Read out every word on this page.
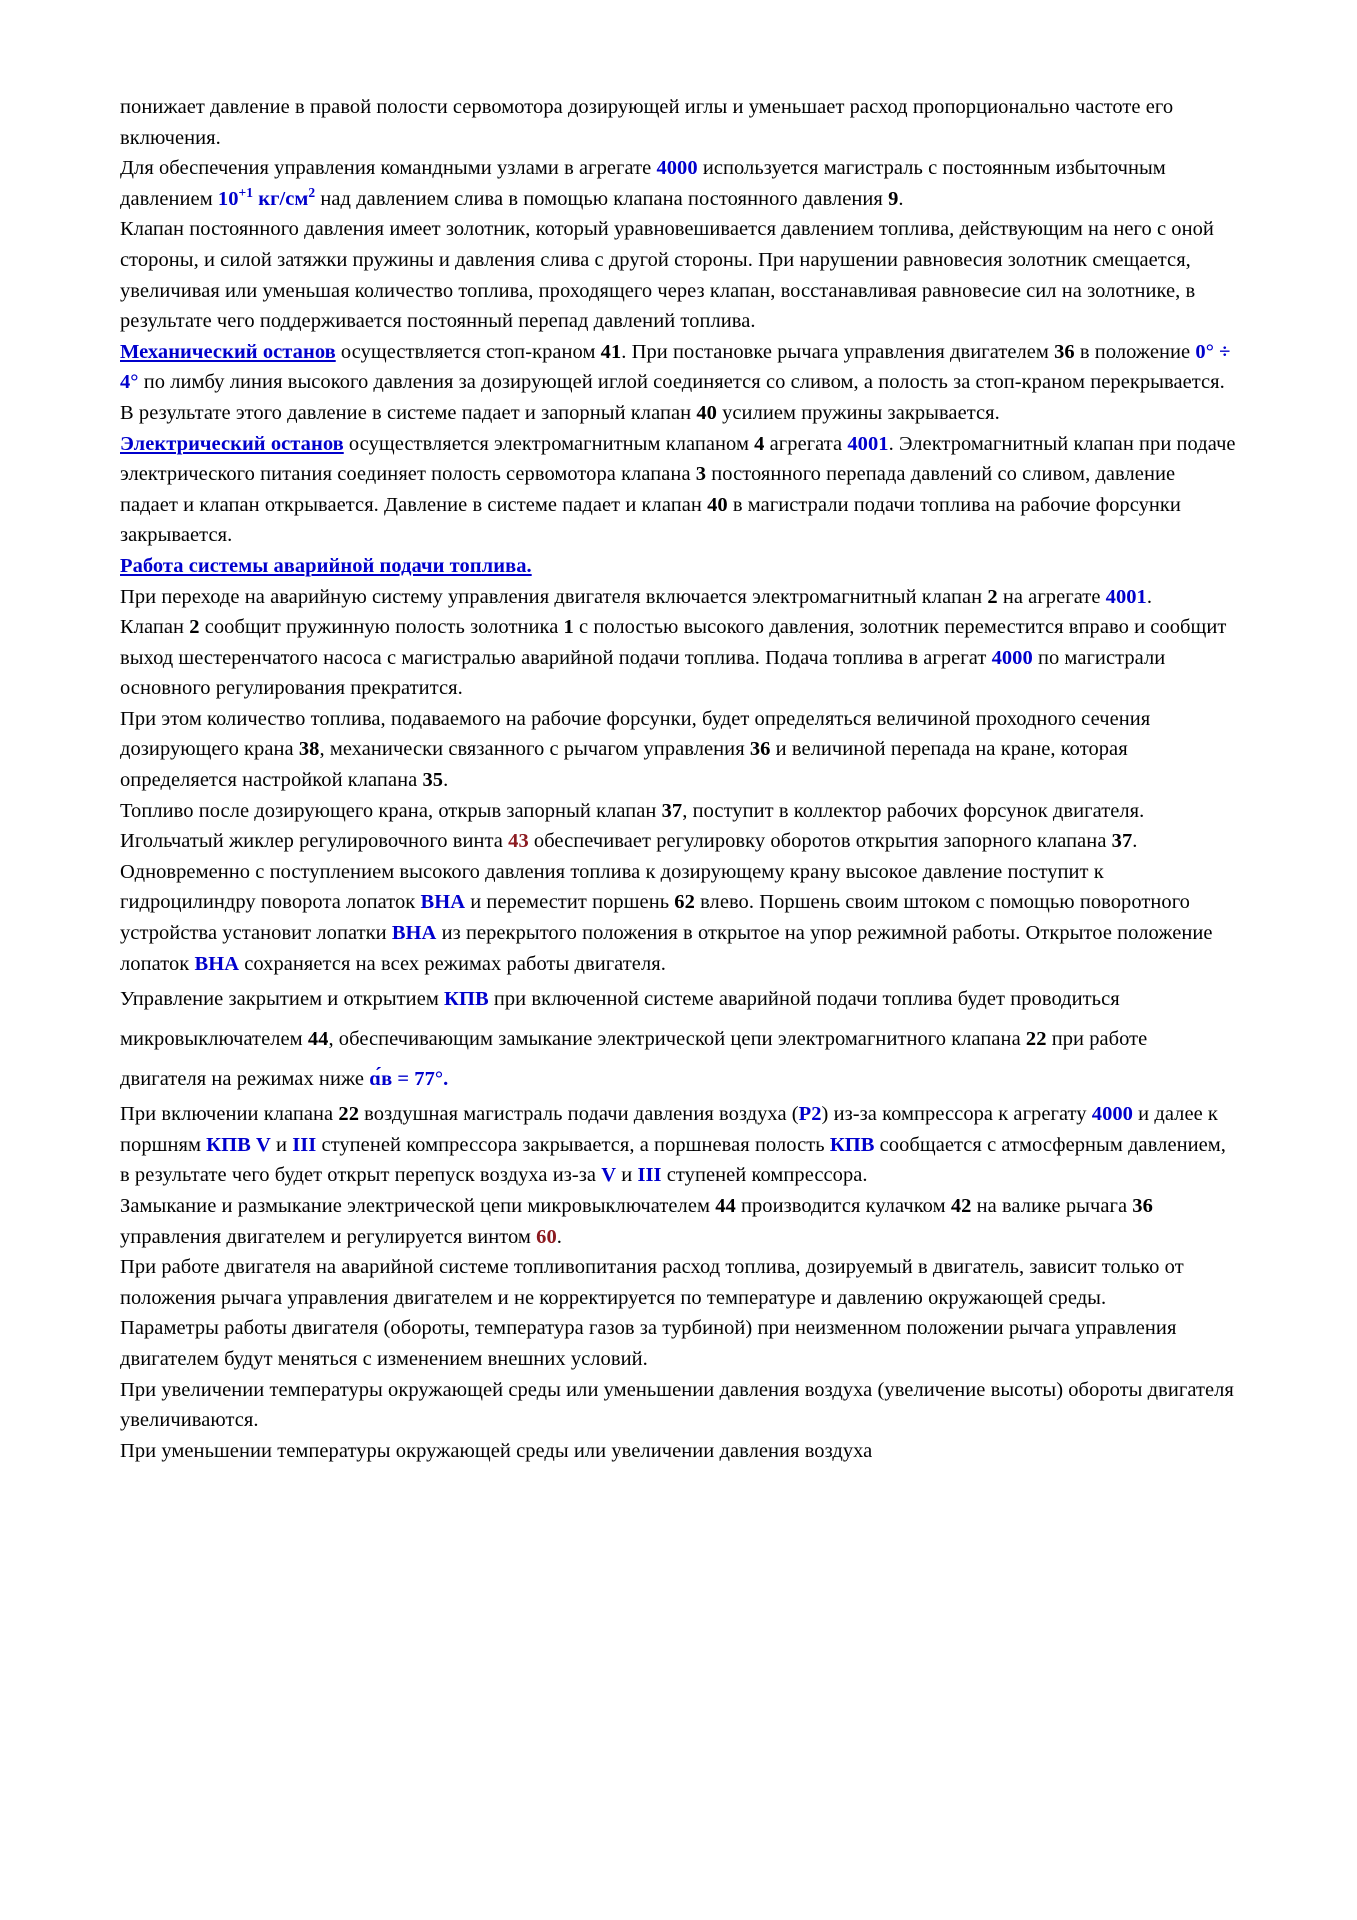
понижает давление в правой полости сервомотора дозирующей иглы и уменьшает расход пропорционально частоте его включения.

Для обеспечения управления командными узлами в агрегате 4000 используется магистраль с постоянным избыточным давлением $10^{+1}$ $кг/см^2$ над давлением слива в помощью клапана постоянного давления 9.

Клапан постоянного давления имеет золотник, который уравновешивается давлением топлива, действующим на него с оной стороны, и силой затяжки пружины и давления слива с другой стороны. При нарушении равновесия золотник смещается, увеличивая или уменьшая количество топлива, проходящего через клапан, восстанавливая равновесие сил на золотнике, в результате чего поддерживается постоянный перепад давлений топлива.

Механический останов осуществляется стоп-краном 41. При постановке рычага управления двигателем 36 в положение 0° ÷ 4° по лимбу линия высокого давления за дозирующей иглой соединяется со сливом, а полость за стоп-краном перекрывается. В результате этого давление в системе падает и запорный клапан 40 усилием пружины закрывается.

Электрический останов осуществляется электромагнитным клапаном 4 агрегата 4001. Электромагнитный клапан при подаче электрического питания соединяет полость сервомотора клапана 3 постоянного перепада давлений со сливом, давление падает и клапан открывается. Давление в системе падает и клапан 40 в магистрали подачи топлива на рабочие форсунки закрывается.

Работа системы аварийной подачи топлива.

При переходе на аварийную систему управления двигателя включается электромагнитный клапан 2 на агрегате 4001.

Клапан 2 сообщит пружинную полость золотника 1 с полостью высокого давления, золотник переместится вправо и сообщит выход шестеренчатого насоса с магистралью аварийной подачи топлива. Подача топлива в агрегат 4000 по магистрали основного регулирования прекратится.

При этом количество топлива, подаваемого на рабочие форсунки, будет определяться величиной проходного сечения дозирующего крана 38, механически связанного с рычагом управления 36 и величиной перепада на кране, которая определяется настройкой клапана 35.

Топливо после дозирующего крана, открыв запорный клапан 37, поступит в коллектор рабочих форсунок двигателя. Игольчатый жиклер регулировочного винта 43 обеспечивает регулировку оборотов открытия запорного клапана 37.

Одновременно с поступлением высокого давления топлива к дозирующему крану высокое давление поступит к гидроцилиндру поворота лопаток ВНА и переместит поршень 62 влево. Поршень своим штоком с помощью поворотного устройства установит лопатки ВНА из перекрытого положения в открытое на упор режимной работы. Открытое положение лопаток ВНА сохраняется на всех режимах работы двигателя.

Управление закрытием и открытием КПВ при включенной системе аварийной подачи топлива будет проводиться микровыключателем 44, обеспечивающим замыкание электрической цепи электромагнитного клапана 22 при работе двигателя на режимах ниже ɑ́в = 77°.

При включении клапана 22 воздушная магистраль подачи давления воздуха (Р2) из-за компрессора к агрегату 4000 и далее к поршням КПВ V и III ступеней компрессора закрывается, а поршневая полость КПВ сообщается с атмосферным давлением, в результате чего будет открыт перепуск воздуха из-за V и III ступеней компрессора.

Замыкание и размыкание электрической цепи микровыключателем 44 производится кулачком 42 на валике рычага 36 управления двигателем и регулируется винтом 60.

При работе двигателя на аварийной системе топливопитания расход топлива, дозируемый в двигатель, зависит только от положения рычага управления двигателем и не корректируется по температуре и давлению окружающей среды.

Параметры работы двигателя (обороты, температура газов за турбиной) при неизменном положении рычага управления двигателем будут меняться с изменением внешних условий.

При увеличении температуры окружающей среды или уменьшении давления воздуха (увеличение высоты) обороты двигателя увеличиваются.

При уменьшении температуры окружающей среды или увеличении давления воздуха
